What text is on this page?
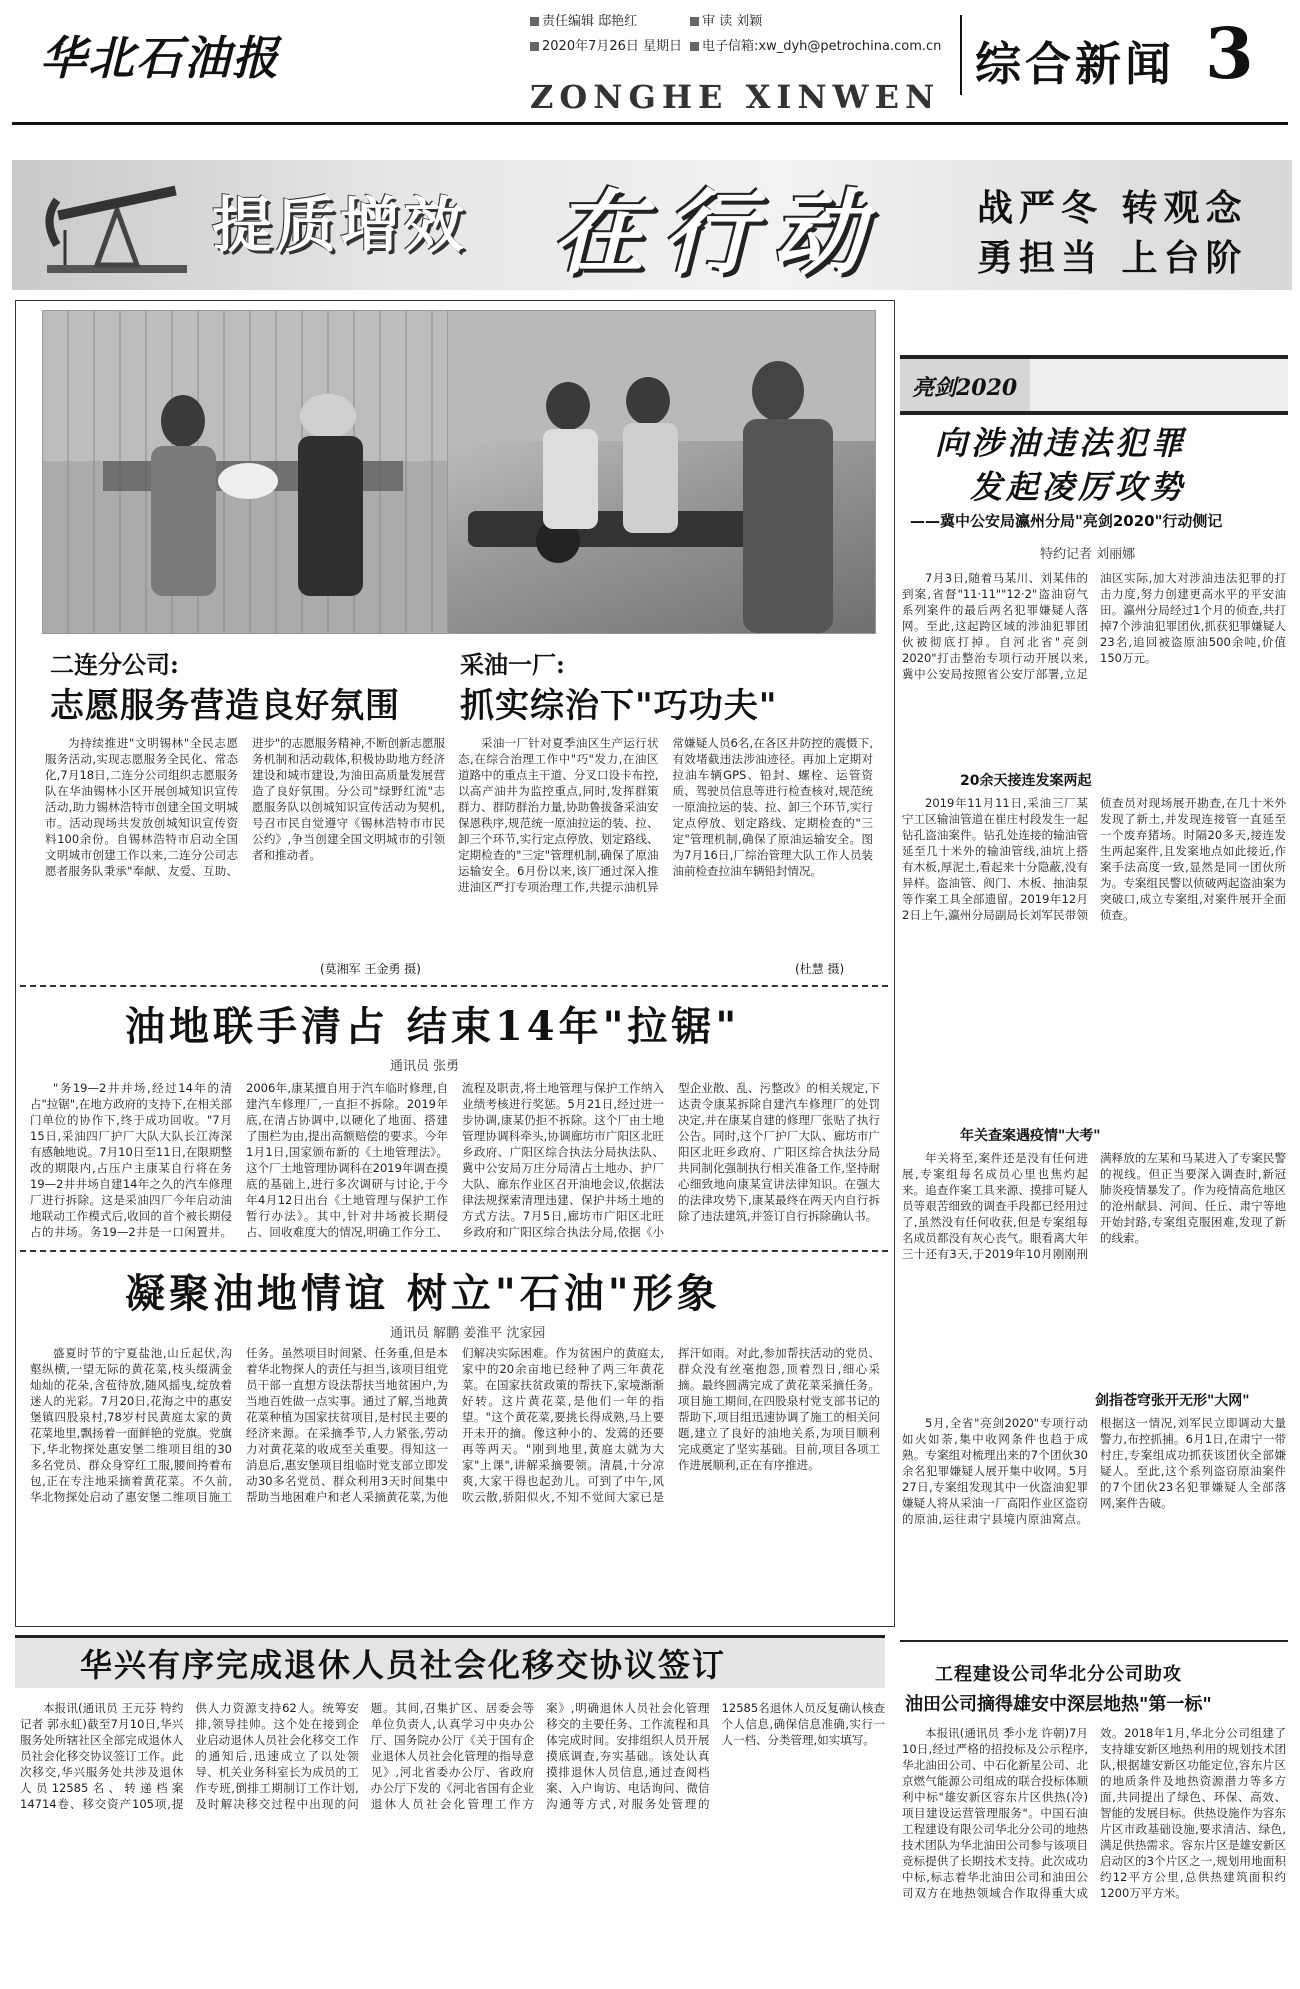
华北石油报
责任编辑 邸艳红	审 读 刘颖
2020年7月26日 星期日	电子信箱:xw_dyh@petrochina.com.cn
ZONGHE XINWEN
综合新闻 3
提质增效 在行动	战严冬 转观念
勇担当 上台阶
二连分公司:
志愿服务营造良好氛围
为持续推进"文明锡林"全民志愿服务活动,实现志愿服务全民化、常态化,7月18日,二连分公司组织志愿服务队在华油锡林小区开展创城知识宣传活动,助力锡林浩特市创建全国文明城市。活动现场共发放创城知识宣传资料100余份。自锡林浩特市启动全国文明城市创建工作以来,二连分公司志愿者服务队秉承"奉献、友爱、互助、进步"的志愿服务精神,不断创新志愿服务机制和活动载体,积极协助地方经济建设和城市建设,为油田高质量发展营造了良好氛围。分公司"绿野红流"志愿服务队以创城知识宣传活动为契机,号召市民自觉遵守《锡林浩特市市民公约》,争当创建全国文明城市的引领者和推动者。
(莫湘军 王金勇 摄)
采油一厂:
抓实综治下"巧功夫"
采油一厂针对夏季油区生产运行状态,在综合治理工作中"巧"发力,在油区道路中的重点主干道、分叉口设卡布控,以高产油井为监控重点,同时,发挥群策群力、群防群治力量,协助鲁拔备采油安保恩秩序,规范统一原油拉运的装、拉、卸三个环节,实行定点停放、划定路线、定期检查的"三定"管理机制,确保了原油运输安全。6月份以来,该厂通过深入推进油区严打专项治理工作,共提示油机异常嫌疑人员6名,在各区井防控的震慑下,有效堵截违法涉油迹径。再加上定期对拉油车辆GPS、铅封、螺栓、运管资质、驾驶员信息等进行检查核对,规范统一原油拉运的装、拉、卸三个环节,实行定点停放、划定路线、定期检查的"三定"管理机制,确保了原油运输安全。图为7月16日,厂综治管理大队工作人员装油前检查拉油车辆铅封情况。
(杜慧 摄)
油地联手清占 结束14年"拉锯"
通讯员 张勇
"务19—2井并场,经过14年的清占"拉锯",在地方政府的支持下,在相关部门单位的协作下,终于成功回收。"7月15日,采油四厂护厂大队大队长江涛深有感触地说。7月10日至11日,在限期整改的期限内,占压户主康某自行将在务19—2井井场自建14年之久的汽车修理厂进行拆除。这是采油四厂今年启动油地联动工作模式后,收回的首个被长期侵占的井场。务19—2井是一口闲置井。2006年,康某擅自用于汽车临时修理,自建汽车修理厂,一直拒不拆除。2019年底,在清占协调中,以硬化了地面、搭建了围栏为由,提出高额赔偿的要求。今年1月1日,国家颁布新的《土地管理法》。这个厂土地管理协调科在2019年调查摸底的基础上,进行多次调研与讨论,于今年4月12日出台《土地管理与保护工作暂行办法》。其中,针对井场被长期侵占、回收难度大的情况,明确工作分工、流程及职责,将土地管理与保护工作纳入业绩考核进行奖惩。5月21日,经过进一步协调,康某仍拒不拆除。这个厂由土地管理协调科牵头,协调廊坊市广阳区北旺乡政府、广阳区综合执法分局执法队、冀中公安局万庄分局清占土地办、护厂大队、廊东作业区召开油地会议,依据法律法规探索清理违建、保护井场土地的方式方法。7月5日,廊坊市广阳区北旺乡政府和广阳区综合执法分局,依据《小型企业散、乱、污整改》的相关规定,下达责令康某拆除自建汽车修理厂的处罚决定,并在康某自建的修理厂张贴了执行公告。同时,这个厂护厂大队、廊坊市广阳区北旺乡政府、广阳区综合执法分局共同制化强制执行相关准备工作,坚持耐心细致地向康某宣讲法律知识。在强大的法律攻势下,康某最终在两天内自行拆除了违法建筑,并签订自行拆除确认书。
凝聚油地情谊 树立"石油"形象
通讯员 解鹏 姜淮平 沈家园
盛夏时节的宁夏盐池,山丘起伏,沟壑纵横,一望无际的黄花菜,枝头缀满金灿灿的花朵,含苞待放,随风摇曳,绽放着迷人的光彩。7月20日,花海之中的惠安堡镇四股泉村,78岁村民黄庭太家的黄花菜地里,飘扬着一面鲜艳的党旗。党旗下,华北物探处惠安堡二维项目组的30多名党员、群众身穿红工服,腰间挎着布包,正在专注地采摘着黄花菜。不久前,华北物探处启动了惠安堡二维项目施工任务。虽然项目时间紧、任务重,但是本着华北物探人的责任与担当,该项目组党员干部一直想方设法帮扶当地贫困户,为当地百姓做一点实事。通过了解,当地黄花菜种植为国家扶贫项目,是村民主要的经济来源。在采摘季节,人力紧张,劳动力对黄花菜的收成至关重要。得知这一消息后,惠安堡项目组临时党支部立即发动30多名党员、群众利用3天时间集中帮助当地困难户和老人采摘黄花菜,为他们解决实际困难。作为贫困户的黄庭太,家中的20余亩地已经种了两三年黄花菜。在国家扶贫政策的帮扶下,家境渐渐好转。这片黄花菜,是他们一年的指望。"这个黄花菜,要挑长得成熟,马上要开未开的摘。像这种小的、发蔫的还要再等两天。"刚到地里,黄庭太就为大家"上课",讲解采摘要领。清晨,十分凉爽,大家干得也起劲儿。可到了中午,风吹云散,骄阳似火,不知不觉间大家已是挥汗如雨。对此,参加帮扶活动的党员、群众没有丝毫抱怨,顶着烈日,细心采摘。最终圆满完成了黄花菜采摘任务。项目施工期间,在四股泉村党支部书记的帮助下,项目组迅速协调了施工的相关问题,建立了良好的油地关系,为项目顺利完成奠定了坚实基础。目前,项目各项工作进展顺利,正在有序推进。
亮剑2020
向涉油违法犯罪
发起凌厉攻势
——冀中公安局瀛州分局"亮剑2020"行动侧记
特约记者 刘丽娜
7月3日,随着马某川、刘某伟的到案,省督"11·11""12·2"盗油窃气系列案件的最后两名犯罪嫌疑人落网。至此,这起跨区域的涉油犯罪团伙被彻底打掉。自河北省"亮剑2020"打击整治专项行动开展以来,冀中公安局按照省公安厅部署,立足油区实际,加大对涉油违法犯罪的打击力度,努力创建更高水平的平安油田。瀛州分局经过1个月的侦查,共打掉7个涉油犯罪团伙,抓获犯罪嫌疑人23名,追回被盗原油500余吨,价值150万元。
20余天接连发案两起
2019年11月11日,采油三厂某宁工区输油管道在崔庄村段发生一起钻孔盗油案件。钻孔处连接的输油管延至几十米外的输油管线,油坑上搭有木板,厚泥土,看起来十分隐蔽,没有异样。盗油管、阀门、木板、抽油泵等作案工具全部遗留。2019年12月2日上午,瀛州分局副局长刘军民带领侦查员对现场展开勘查,在几十米外发现了新土,并发现连接管一直延至一个废弃猪场。时隔20多天,接连发生两起案件,且发案地点如此接近,作案手法高度一致,显然是同一团伙所为。专案组民警以侦破两起盗油案为突破口,成立专案组,对案件展开全面侦查。
年关查案遇疫情"大考"
年关将至,案件还是没有任何进展,专案组每名成员心里也焦灼起来。追查作案工具来源、摸排可疑人员等艰苦细致的调查手段都已经用过了,虽然没有任何收获,但是专案组每名成员都没有灰心丧气。眼看离大年三十还有3天,于2019年10月刚刚刑满释放的左某和马某进入了专案民警的视线。但正当要深入调查时,新冠肺炎疫情暴发了。作为疫情高危地区的沧州献县、河间、任丘、肃宁等地开始封路,专案组克服困难,发现了新的线索。
剑指苍穹张开无形"大网"
5月,全省"亮剑2020"专项行动如火如荼,集中收网条件也趋于成熟。专案组对梳理出来的7个团伙30余名犯罪嫌疑人展开集中收网。5月27日,专案组发现其中一伙盗油犯罪嫌疑人将从采油一厂高阳作业区盗窃的原油,运往肃宁县境内原油窝点。根据这一情况,刘军民立即调动大量警力,布控抓捕。6月1日,在肃宁一带村庄,专案组成功抓获该团伙全部嫌疑人。至此,这个系列盗窃原油案件的7个团伙23名犯罪嫌疑人全部落网,案件告破。
华兴有序完成退休人员社会化移交协议签订
本报讯(通讯员 王元芬 特约记者 郭永虹)截至7月10日,华兴服务处所辖社区全部完成退休人员社会化移交协议签订工作。此次移交,华兴服务处共涉及退休人员12585名、转递档案14714卷、移交资产105项,提供人力资源支持62人。统筹安排,领导挂帅。这个处在接到企业启动退休人员社会化移交工作的通知后,迅速成立了以处领导、机关业务科室长为成员的工作专班,倒排工期制订工作计划,及时解决移交过程中出现的问题。其间,召集扩区、居委会等单位负责人,认真学习中央办公厅、国务院办公厅《关于国有企业退休人员社会化管理的指导意见》,河北省委办公厅、省政府办公厅下发的《河北省国有企业退休人员社会化管理工作方案》,明确退休人员社会化管理移交的主要任务、工作流程和具体完成时间。安排组织人员开展摸底调查,夯实基础。该处认真摸排退休人员信息,通过查阅档案、入户询访、电话询问、微信沟通等方式,对服务处管理的12585名退休人员反复确认核查个人信息,确保信息准确,实行一人一档、分类管理,如实填写。
工程建设公司华北分公司助攻
油田公司摘得雄安中深层地热"第一标"
本报讯(通讯员 季小龙 许朝)7月10日,经过严格的招投标及公示程序,华北油田公司、中石化新星公司、北京燃气能源公司组成的联合投标体顺利中标"雄安新区容东片区供热(冷)项目建设运营管理服务"。中国石油工程建设有限公司华北分公司的地热技术团队为华北油田公司参与该项目竞标提供了长期技术支持。此次成功中标,标志着华北油田公司和油田公司双方在地热领域合作取得重大成效。2018年1月,华北分公司组建了支持雄安新区地热利用的规划技术团队,根据雄安新区功能定位,容东片区的地质条件及地热资源潜力等多方面,共同提出了绿色、环保、高效、智能的发展目标。供热设施作为容东片区市政基础设施,要求清洁、绿色,满足供热需求。容东片区是雄安新区启动区的3个片区之一,规划用地面积约12平方公里,总供热建筑面积约1200万平方米。
